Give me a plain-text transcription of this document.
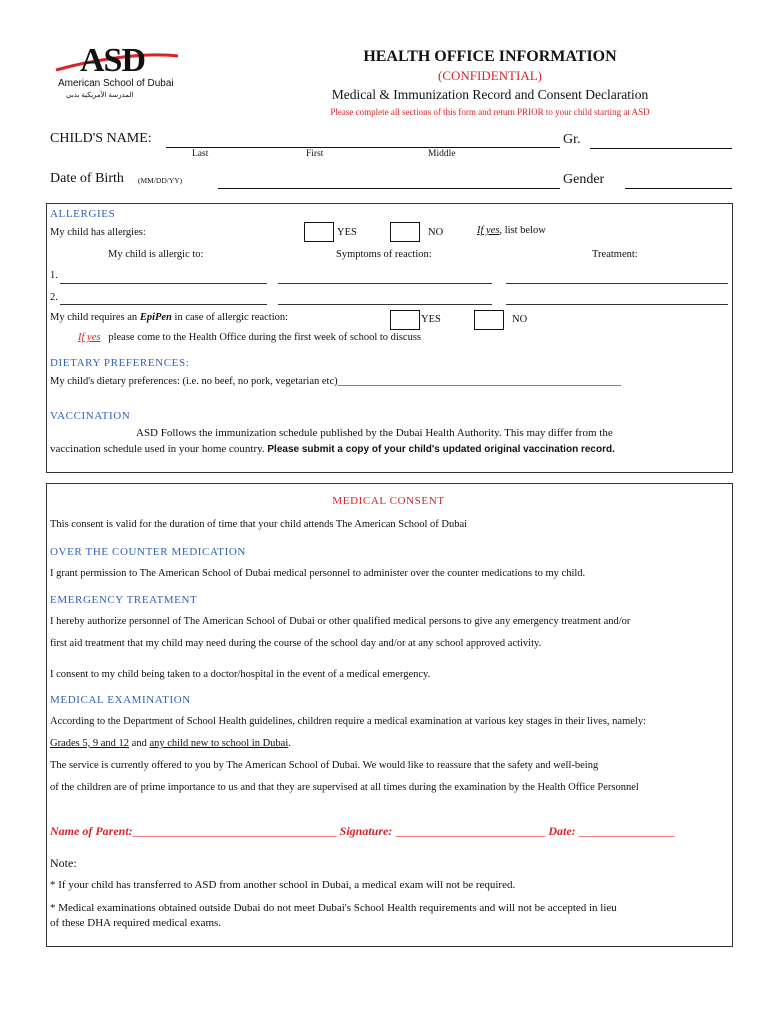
ASD
American School of Dubai
المدرسة الأمريكية بدبي
HEALTH OFFICE INFORMATION
(CONFIDENTIAL)
Medical & Immunization Record and Consent Declaration
Please complete all sections of this form and return PRIOR to your child starting at ASD
CHILD'S NAME:
Last	First	Middle
Gr.
Date of Birth (MM/DD/YY)	Gender
ALLERGIES
My child has allergies:	YES	NO	If yes, list below
My child is allergic to:	Symptoms of reaction:	Treatment:
1.
2.
My child requires an EpiPen in case of allergic reaction:	YES	NO
If yes please come to the Health Office during the first week of school to discuss
DIETARY PREFERENCES:
My child's dietary preferences: (i.e. no beef, no pork, vegetarian etc)______________________________________________________
VACCINATION
ASD Follows the immunization schedule published by the Dubai Health Authority. This may differ from the
vaccination schedule used in your home country. Please submit a copy of your child's updated original vaccination record.
MEDICAL CONSENT
This consent is valid for the duration of time that your child attends The American School of Dubai
OVER THE COUNTER MEDICATION
I grant permission to The American School of Dubai medical personnel to administer over the counter medications to my child.
EMERGENCY TREATMENT
I hereby authorize personnel of The American School of Dubai or other qualified medical persons to give any emergency treatment and/or
first aid treatment that my child may need during the course of the school day and/or at any school approved activity.
I consent to my child being taken to a doctor/hospital in the event of a medical emergency.
MEDICAL EXAMINATION
According to the Department of School Health guidelines, children require a medical examination at various key stages in their lives, namely:
Grades 5, 9 and 12 and any child new to school in Dubai.
The service is currently offered to you by The American School of Dubai. We would like to reassure that the safety and well-being
of the children are of prime importance to us and that they are supervised at all times during the examination by the Health Office Personnel
Name of Parent:__________________________________ Signature: _________________________ Date: ________________
Note:
* If your child has transferred to ASD from another school in Dubai, a medical exam will not be required.
* Medical examinations obtained outside Dubai do not meet Dubai's School Health requirements and will not be accepted in lieu
of these DHA required medical exams.
